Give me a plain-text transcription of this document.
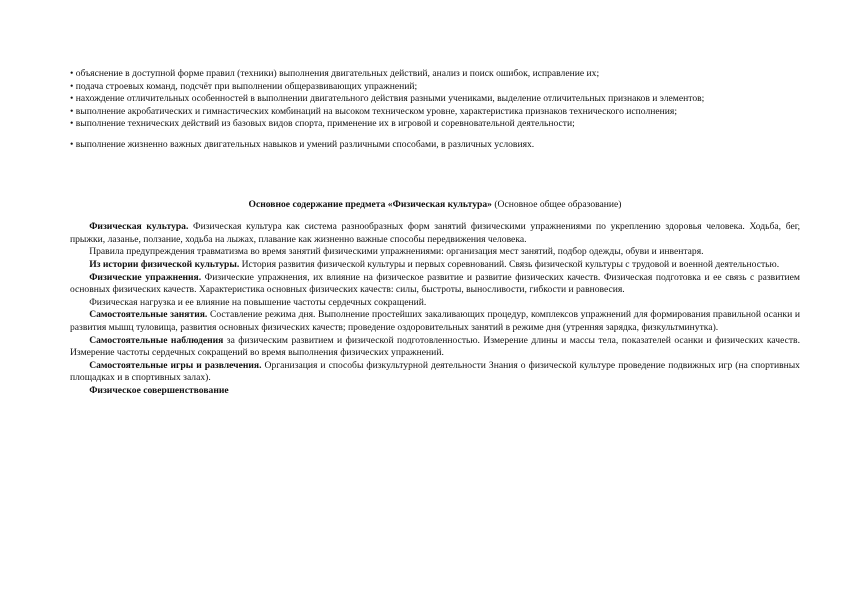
• объяснение в доступной форме правил (техники) выполнения двигательных действий, анализ и поиск ошибок, исправление их;

• подача строевых команд, подсчёт при выполнении общеразвивающих упражнений;

• нахождение отличительных особенностей в выполнении двигательного действия разными учениками, выделение отличительных признаков и элементов;

• выполнение акробатических и гимнастических комбинаций на высоком техническом уровне, характеристика признаков технического исполнения;

• выполнение технических действий из базовых видов спорта, применение их в игровой и соревновательной деятельности;

• выполнение жизненно важных двигательных навыков и умений различными способами, в различных условиях.

Основное содержание предмета «Физическая культура» (Основное общее образование)

  Физическая культура. Физическая культура как система разнообразных форм занятий физическими упражнениями по укреплению здоровья человека. Ходьба, бег, прыжки, лазанье, ползание, ходьба на лыжах, плавание как жизненно важные способы передвижения человека.

  Правила предупреждения травматизма во время занятий физическими упражнениями: организация мест занятий, подбор одежды, обуви и инвентаря.

  Из истории физической культуры. История развития физической культуры и первых соревнований. Связь физической культуры с трудовой и военной деятельностью.

  Физические упражнения. Физические упражнения, их влияние на физическое развитие и развитие физических качеств. Физическая подготовка и ее связь с развитием основных физических качеств. Характеристика основных физических качеств: силы, быстроты, выносливости, гибкости и равновесия.

  Физическая нагрузка и ее влияние на повышение частоты сердечных сокращений.

  Самостоятельные занятия. Составление режима дня. Выполнение простейших закаливающих процедур, комплексов упражнений для формирования правильной осанки и развития мышц туловища, развития основных физических качеств; проведение оздоровительных занятий в режиме дня (утренняя зарядка, физкультминутка).

  Самостоятельные наблюдения за физическим развитием и физической подготовленностью. Измерение длины и массы тела, показателей осанки и физических качеств. Измерение частоты сердечных сокращений во время выполнения физических упражнений.

  Самостоятельные игры и развлечения. Организация и способы физкультурной деятельности Знания о физической культуре проведение подвижных игр (на спортивных площадках и в спортивных залах).

  Физическое совершенствование
